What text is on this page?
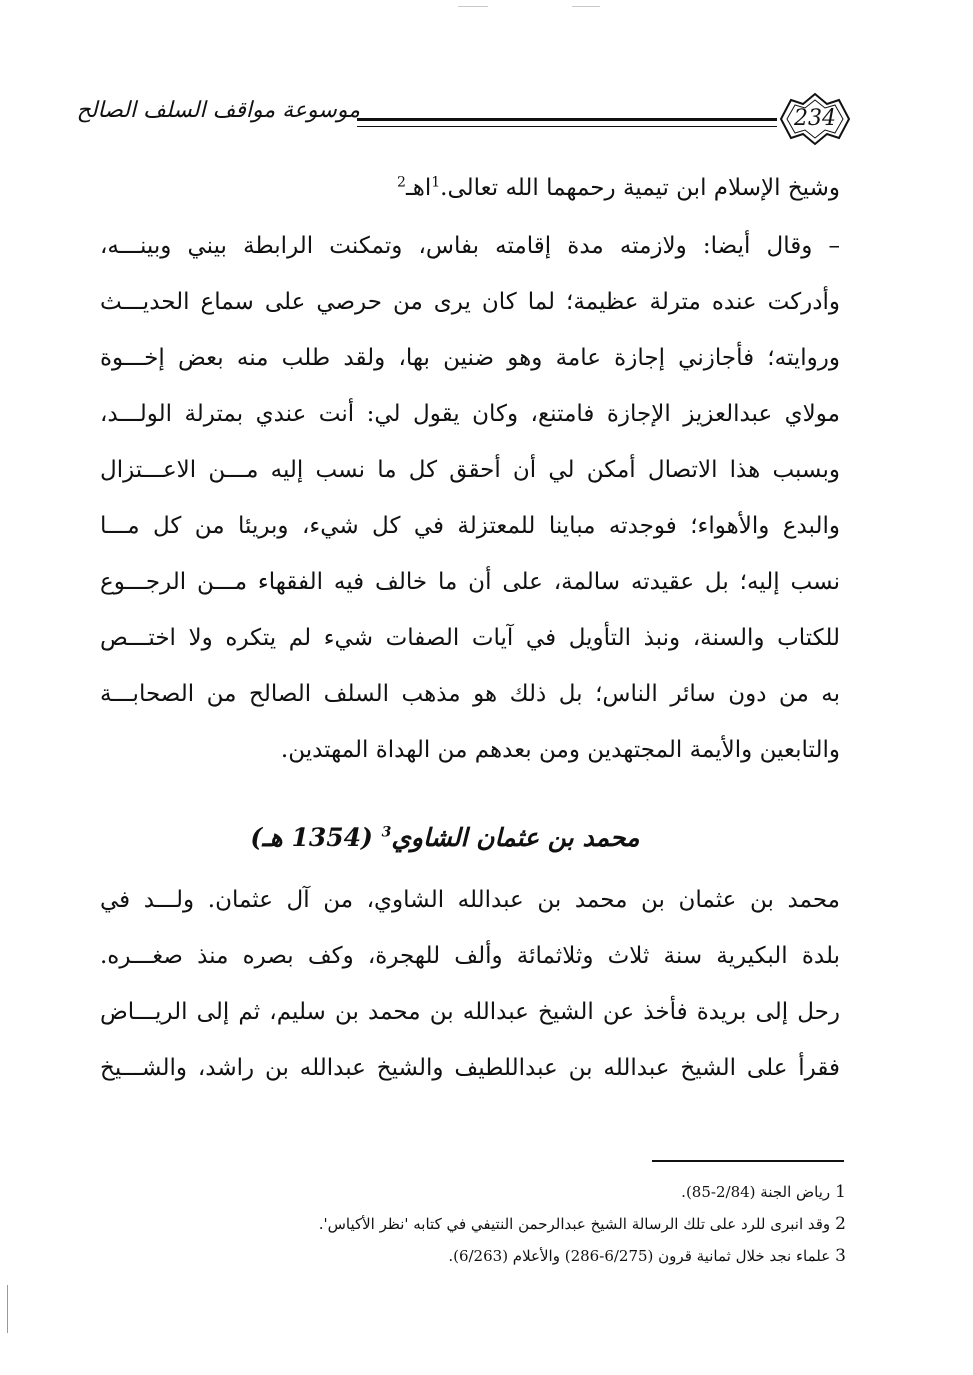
موسوعة مواقف السلف الصالح	234
وشيخ الإسلام ابن تيمية رحمهما الله تعالى.$^1$اهـ$^2$
– وقال أيضا: ولازمته مدة إقامته بفاس، وتمكنت الرابطة بيني وبينـــه،
وأدركت عنده مترلة عظيمة؛ لما كان يرى من حرصي على سماع الحديـــث
وروايته؛ فأجازني إجازة عامة وهو ضنين بها، ولقد طلب منه بعض إخـــوة
مولاي عبدالعزيز الإجازة فامتنع، وكان يقول لي: أنت عندي بمترلة الولـــد،
وبسبب هذا الاتصال أمكن لي أن أحقق كل ما نسب إليه مـــن الاعـــتزال
والبدع والأهواء؛ فوجدته مباينا للمعتزلة في كل شيء، وبريئا من كل مـــا
نسب إليه؛ بل عقيدته سالمة، على أن ما خالف فيه الفقهاء مـــن الرجـــوع
للكتاب والسنة، ونبذ التأويل في آيات الصفات شيء لم يتكره ولا اختـــص
به من دون سائر الناس؛ بل ذلك هو مذهب السلف الصالح من الصحابـــة
والتابعين والأيمة المجتهدين ومن بعدهم من الهداة المهتدين.
محمد بن عثمان الشاوي$^3$ (1354 هـ)
محمد بن عثمان بن محمد بن عبدالله الشاوي، من آل عثمان. ولـــد في
بلدة البكيرية سنة ثلاث وثلاثمائة وألف للهجرة، وكف بصره منذ صغـــره.
رحل إلى بريدة فأخذ عن الشيخ عبدالله بن محمد بن سليم، ثم إلى الريـــاض
فقرأ على الشيخ عبدالله بن عبداللطيف والشيخ عبدالله بن راشد، والشـــيخ
1رياض الجنة (2/84-85).
2وقد انبرى للرد على تلك الرسالة الشيخ عبدالرحمن النتيفي في كتابه 'نظر الأكياس'.
3علماء نجد خلال ثمانية قرون (6/275-286) والأعلام (6/263).
